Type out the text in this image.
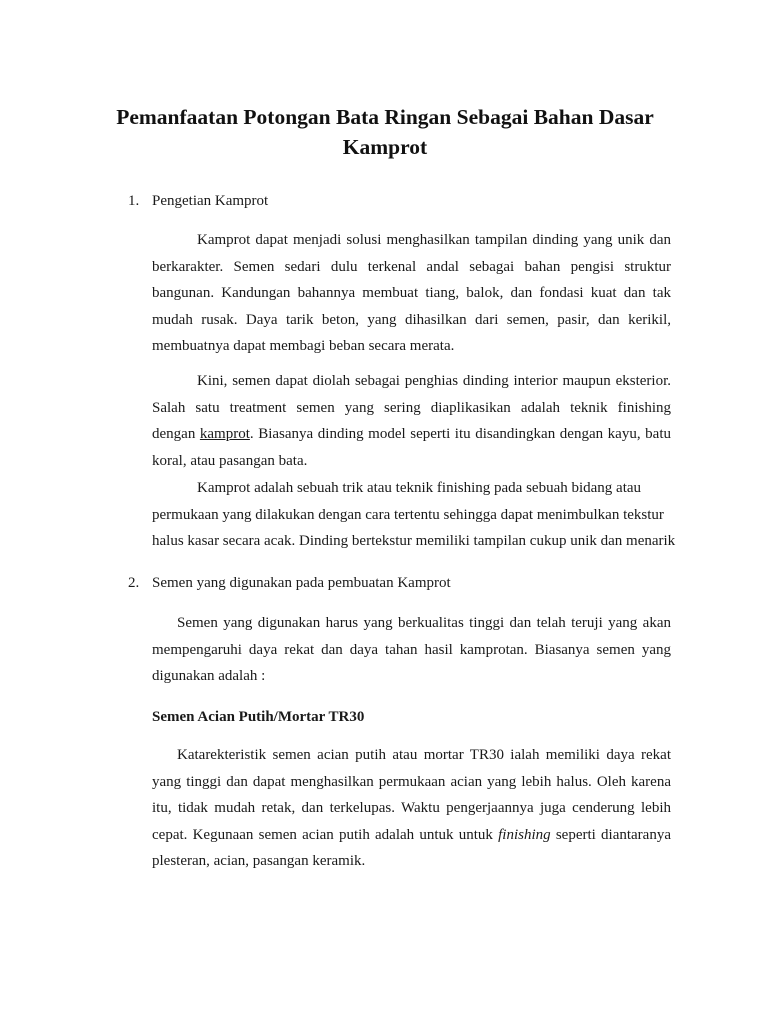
Pemanfaatan Potongan Bata Ringan Sebagai Bahan Dasar
Kamprot
1. Pengetian Kamprot
Kamprot dapat menjadi solusi menghasilkan tampilan dinding yang unik dan
berkarakter. Semen sedari dulu terkenal andal sebagai bahan pengisi struktur
bangunan. Kandungan bahannya membuat tiang, balok, dan fondasi kuat dan tak
mudah rusak. Daya tarik beton, yang dihasilkan dari semen, pasir, dan kerikil,
membuatnya dapat membagi beban secara merata.
Kini, semen dapat diolah sebagai penghias dinding interior maupun eksterior.
Salah satu treatment semen yang sering diaplikasikan adalah teknik finishing
dengan kamprot. Biasanya dinding model seperti itu disandingkan dengan kayu, batu
koral, atau pasangan bata.
Kamprot adalah sebuah trik atau teknik finishing pada sebuah bidang atau
permukaan yang dilakukan dengan cara tertentu sehingga dapat menimbulkan tekstur
halus kasar secara acak. Dinding bertekstur memiliki tampilan cukup unik dan menarik
2. Semen yang digunakan pada pembuatan Kamprot
Semen yang digunakan harus yang berkualitas tinggi dan telah teruji yang akan
mempengaruhi daya rekat dan daya tahan hasil kamprotan. Biasanya semen yang
digunakan adalah :
Semen Acian Putih/Mortar TR30
Katarekteristik semen acian putih atau mortar TR30 ialah memiliki daya rekat
yang tinggi dan dapat menghasilkan permukaan acian yang lebih halus. Oleh karena
itu, tidak mudah retak, dan terkelupas. Waktu pengerjaannya juga cenderung lebih
cepat. Kegunaan semen acian putih adalah untuk untuk finishing seperti diantaranya
plesteran, acian, pasangan keramik.
